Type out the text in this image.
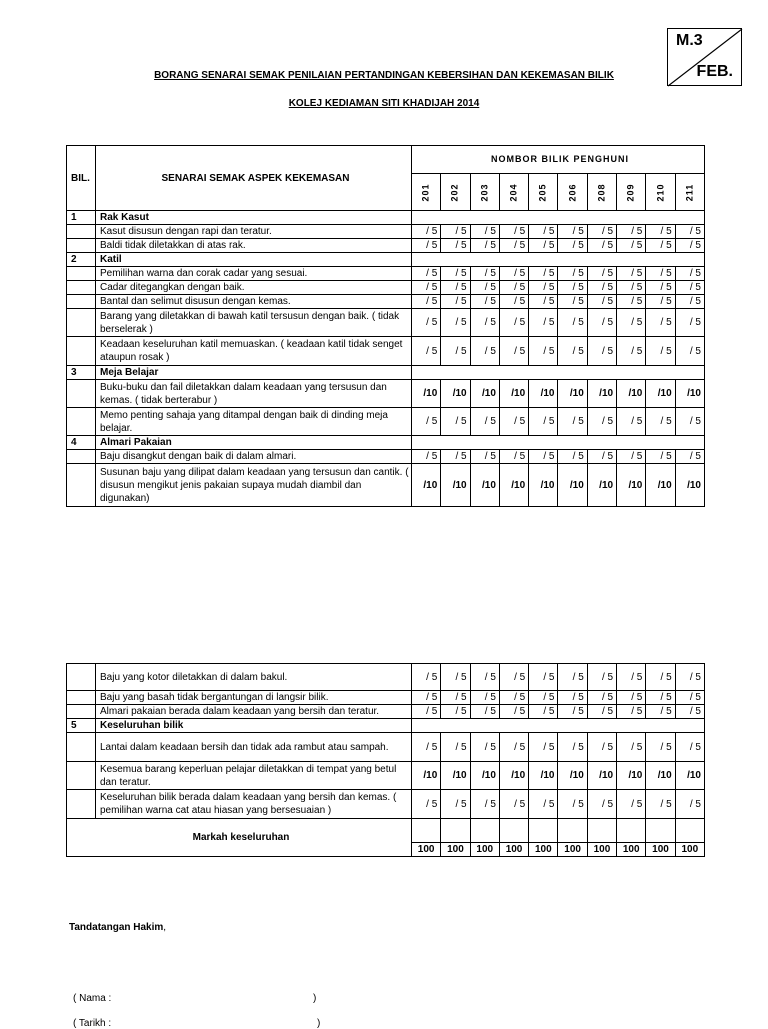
M.3
FEB.
BORANG SENARAI SEMAK PENILAIAN PERTANDINGAN KEBERSIHAN DAN KEKEMASAN BILIK
KOLEJ KEDIAMAN SITI KHADIJAH 2014
BIL.	SENARAI SEMAK ASPEK KEKEMASAN	NOMBOR BILIK PENGHUNI									
		201	202	203	204	205	206	208	209	210	211
1	Rak Kasut										
	Kasut disusun dengan rapi dan teratur.	/ 5	/ 5	/ 5	/ 5	/ 5	/ 5	/ 5	/ 5	/ 5	/ 5
	Baldi tidak diletakkan di atas rak.	/ 5	/ 5	/ 5	/ 5	/ 5	/ 5	/ 5	/ 5	/ 5	/ 5
2	Katil										
	Pemilihan warna dan corak cadar yang sesuai.	/ 5	/ 5	/ 5	/ 5	/ 5	/ 5	/ 5	/ 5	/ 5	/ 5
	Cadar ditegangkan dengan baik.	/ 5	/ 5	/ 5	/ 5	/ 5	/ 5	/ 5	/ 5	/ 5	/ 5
	Bantal dan selimut disusun dengan kemas.	/ 5	/ 5	/ 5	/ 5	/ 5	/ 5	/ 5	/ 5	/ 5	/ 5
	Barang yang diletakkan di bawah katil tersusun dengan baik. ( tidak berselerak )	/ 5	/ 5	/ 5	/ 5	/ 5	/ 5	/ 5	/ 5	/ 5	/ 5
	Keadaan keseluruhan katil memuaskan. ( keadaan katil tidak senget ataupun rosak )	/ 5	/ 5	/ 5	/ 5	/ 5	/ 5	/ 5	/ 5	/ 5	/ 5
3	Meja Belajar										
	Buku-buku dan fail diletakkan dalam keadaan yang tersusun dan kemas. ( tidak berterabur )	/10	/10	/10	/10	/10	/10	/10	/10	/10	/10
	Memo penting sahaja yang ditampal dengan baik di dinding meja belajar.	/ 5	/ 5	/ 5	/ 5	/ 5	/ 5	/ 5	/ 5	/ 5	/ 5
4	Almari Pakaian										
	Baju disangkut dengan baik di dalam almari.	/ 5	/ 5	/ 5	/ 5	/ 5	/ 5	/ 5	/ 5	/ 5	/ 5
	Susunan baju yang dilipat dalam keadaan yang tersusun dan cantik. ( disusun mengikut jenis pakaian supaya mudah diambil dan digunakan)	/10	/10	/10	/10	/10	/10	/10	/10	/10	/10
	Baju yang kotor diletakkan di dalam bakul.	/ 5	/ 5	/ 5	/ 5	/ 5	/ 5	/ 5	/ 5	/ 5	/ 5
	Baju yang basah tidak bergantungan di langsir bilik.	/ 5	/ 5	/ 5	/ 5	/ 5	/ 5	/ 5	/ 5	/ 5	/ 5
	Almari pakaian berada dalam keadaan yang bersih dan teratur.	/ 5	/ 5	/ 5	/ 5	/ 5	/ 5	/ 5	/ 5	/ 5	/ 5
5	Keseluruhan bilik										
	Lantai dalam keadaan bersih dan tidak ada rambut atau sampah.	/ 5	/ 5	/ 5	/ 5	/ 5	/ 5	/ 5	/ 5	/ 5	/ 5
	Kesemua barang keperluan pelajar diletakkan di tempat yang betul dan teratur.	/10	/10	/10	/10	/10	/10	/10	/10	/10	/10
	Keseluruhan bilik berada dalam keadaan yang bersih dan kemas. ( pemilihan warna cat atau hiasan yang bersesuaian )	/ 5	/ 5	/ 5	/ 5	/ 5	/ 5	/ 5	/ 5	/ 5	/ 5
Markah keseluruhan											
		100	100	100	100	100	100	100	100	100	100
Tandatangan Hakim,
( Nama :	)
( Tarikh :	)
